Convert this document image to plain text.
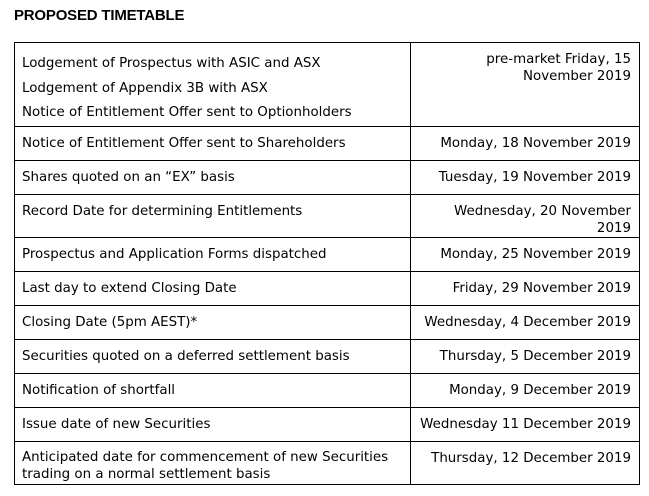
PROPOSED TIMETABLE
Lodgement of Prospectus with ASIC and ASX
Lodgement of Appendix 3B with ASX
Notice of Entitlement Offer sent to Optionholders	pre-market Friday, 15 November 2019
Notice of Entitlement Offer sent to Shareholders	Monday, 18 November 2019
Shares quoted on an “EX” basis	Tuesday, 19 November 2019
Record Date for determining Entitlements	Wednesday, 20 November 2019
Prospectus and Application Forms dispatched	Monday, 25 November 2019
Last day to extend Closing Date	Friday, 29 November 2019
Closing Date (5pm AEST)*	Wednesday, 4 December 2019
Securities quoted on a deferred settlement basis	Thursday, 5 December 2019
Notification of shortfall	Monday, 9 December 2019
Issue date of new Securities	Wednesday 11 December 2019
Anticipated date for commencement of new Securities trading on a normal settlement basis	Thursday, 12 December 2019
